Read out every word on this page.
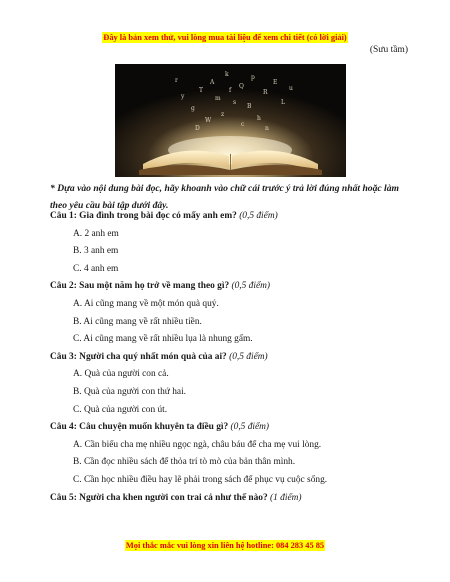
Đây là bản xem thử, vui lòng mua tài liệu để xem chi tiết (có lời giải)
(Sưu tầm)
A
k
Q
p
R
m
T
s
B
g
E
z
h
W
c
y
L
f
n
D
r
u
* Dựa vào nội dung bài đọc, hãy khoanh vào chữ cái trước ý trả lời đúng nhất hoặc làm theo yêu cầu bài tập dưới đây.
Câu 1: Gia đình trong bài đọc có mấy anh em? (0,5 điểm)
A. 2 anh em
B. 3 anh em
C. 4 anh em
Câu 2: Sau một năm họ trở về mang theo gì? (0,5 điểm)
A. Ai cũng mang về một món quà quý.
B. Ai cũng mang về rất nhiều tiền.
C. Ai cũng mang về rất nhiều lụa là nhung gấm.
Câu 3: Người cha quý nhất món quà của ai? (0,5 điểm)
A. Quà của người con cả.
B. Quà của người con thứ hai.
C. Quà của người con út.
Câu 4: Câu chuyện muốn khuyên ta điều gì? (0,5 điểm)
A. Cần biếu cha mẹ nhiều ngọc ngà, châu báu để cha mẹ vui lòng.
B. Cần đọc nhiều sách để thỏa trí tò mò của bản thân mình.
C. Cần học nhiều điều hay lẽ phải trong sách để phục vụ cuộc sống.
Câu 5: Người cha khen người con trai cả như thế nào? (1 điểm)
Mọi thắc mắc vui lòng xin liên hệ hotline: 084 283 45 85
